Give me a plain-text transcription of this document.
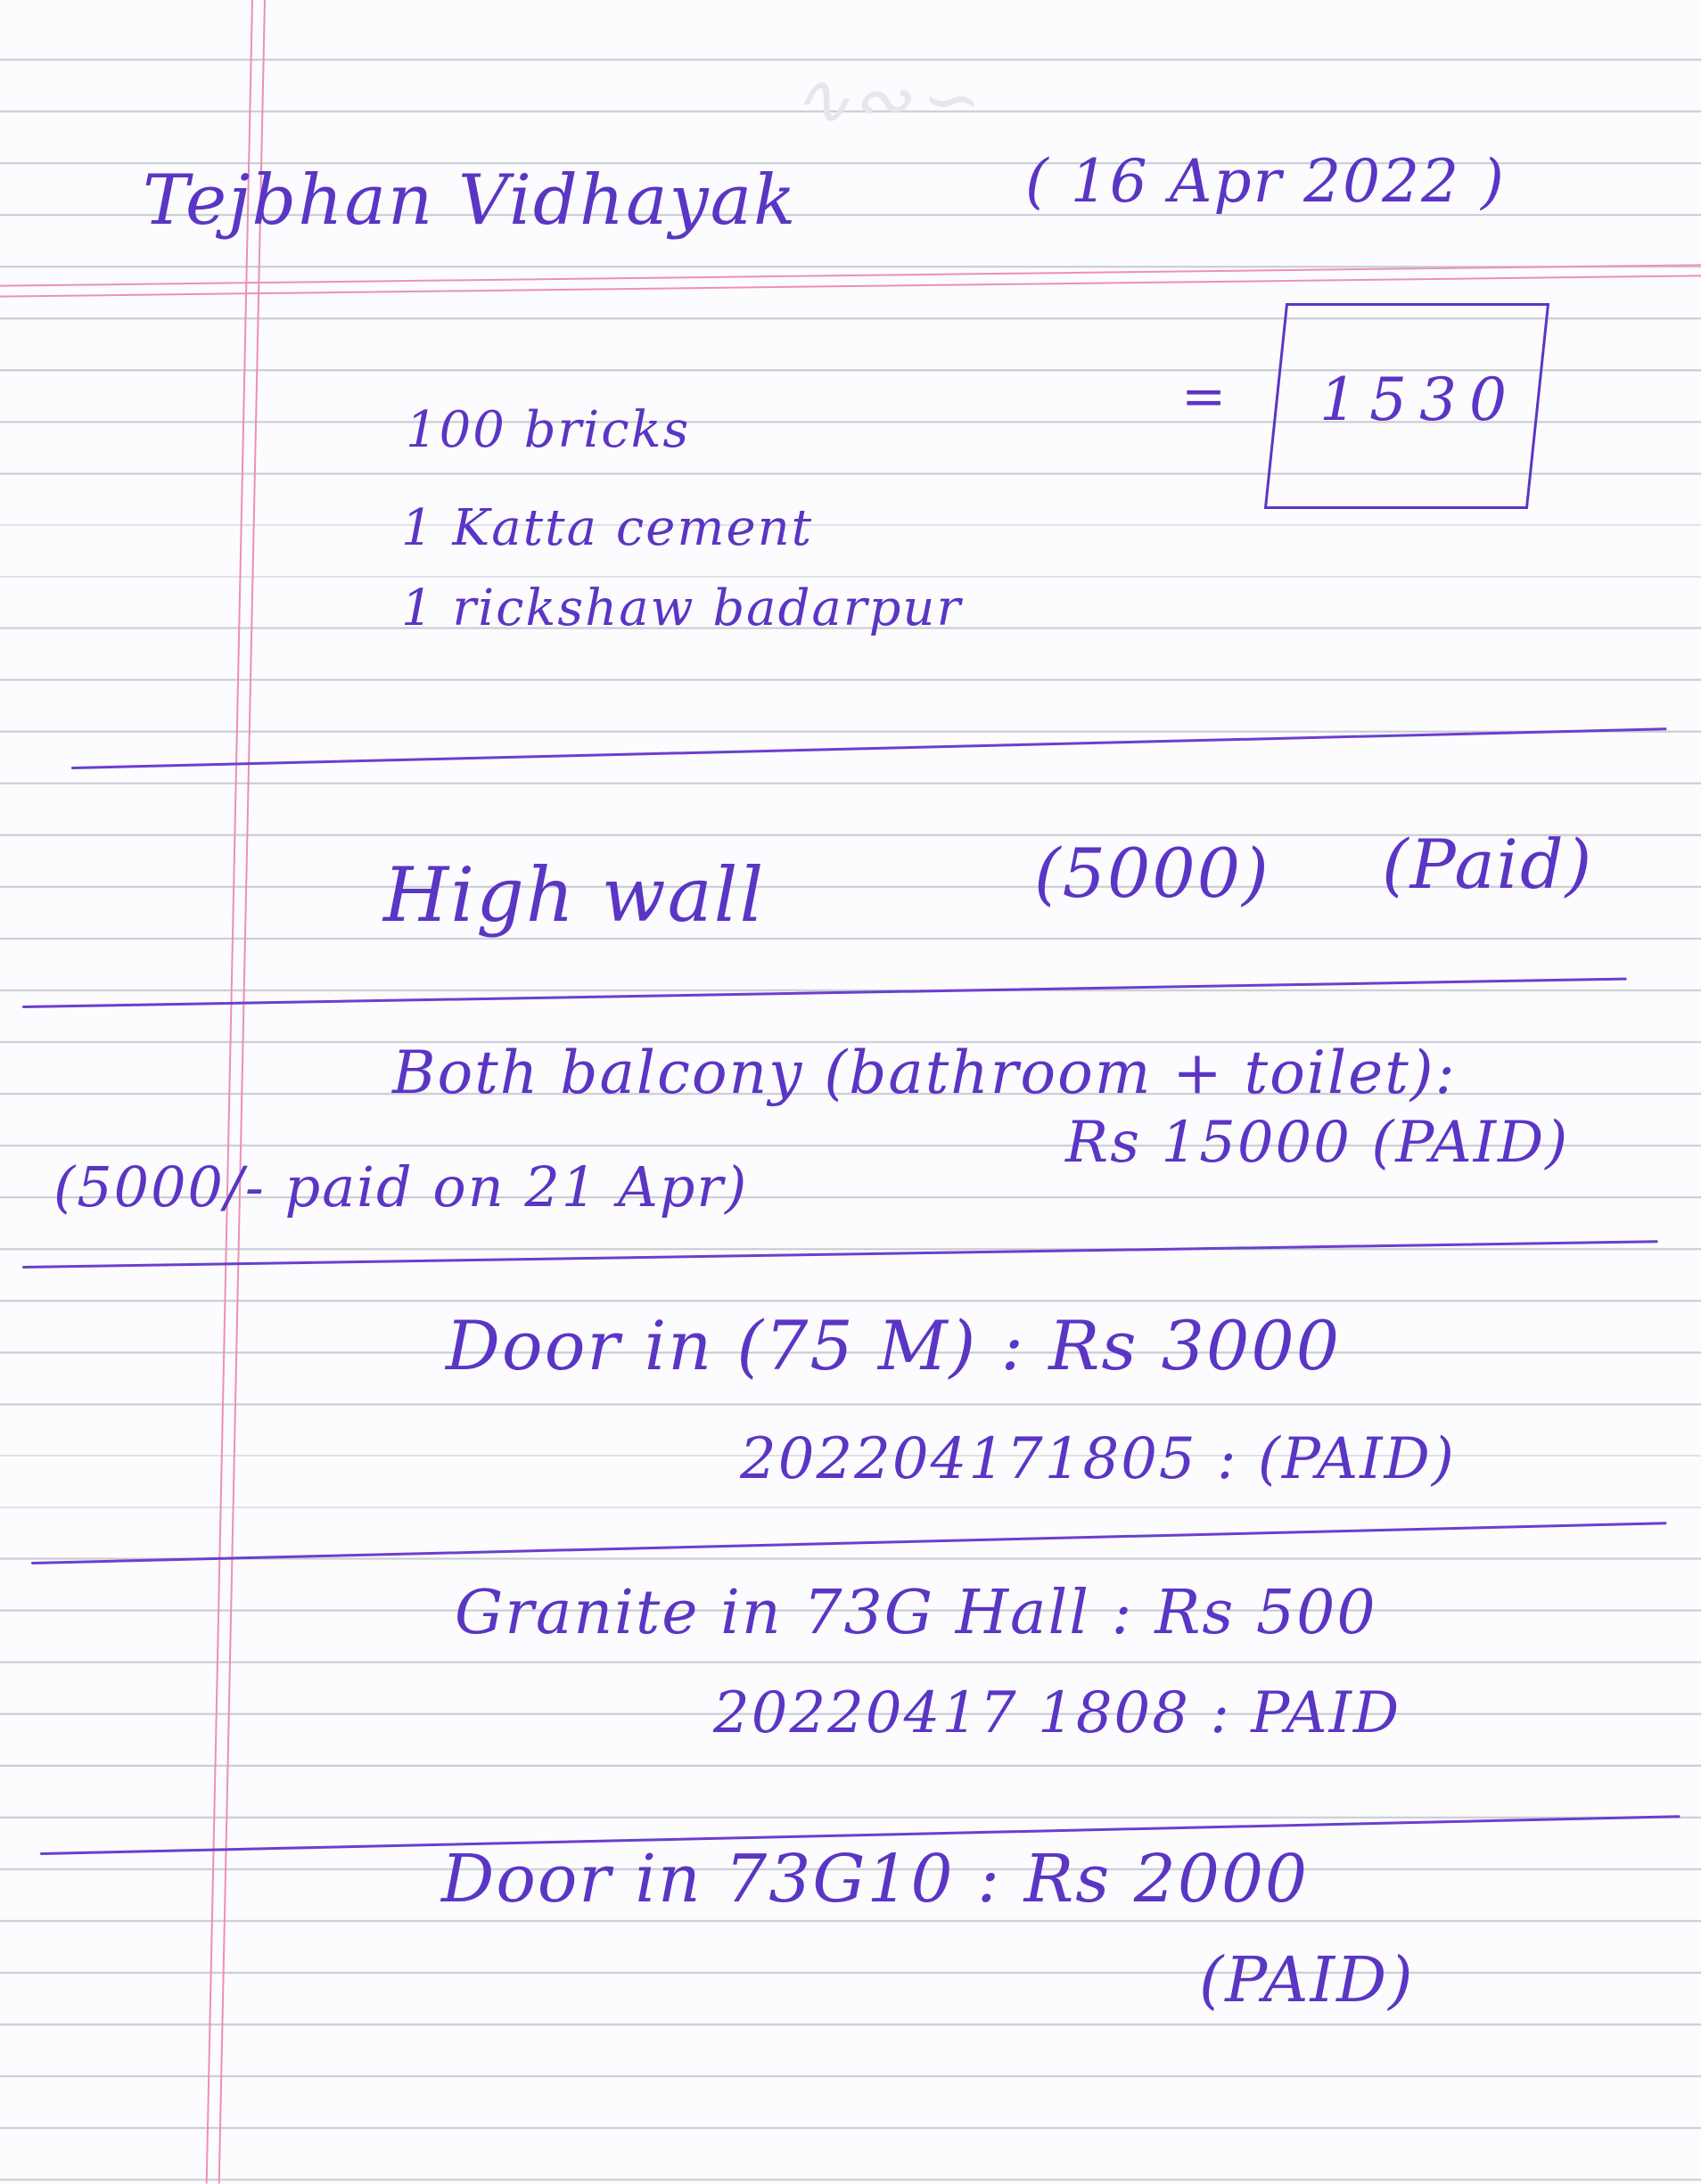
∽∾∿
Tejbhan Vidhayak	( 16 Apr 2022 )
100 bricks
1 Katta cement
1 rickshaw badarpur
= 1530
High wall	(5000) (Paid)
Both balcony (bathroom + toilet):
(5000/- paid on 21 Apr)
Rs 15000 (PAID)
Door in (75 M) : Rs 3000
202204171805 : (PAID)
Granite in 73G Hall : Rs 500
20220417 1808 : PAID
Door in 73G10 : Rs 2000
(PAID)
